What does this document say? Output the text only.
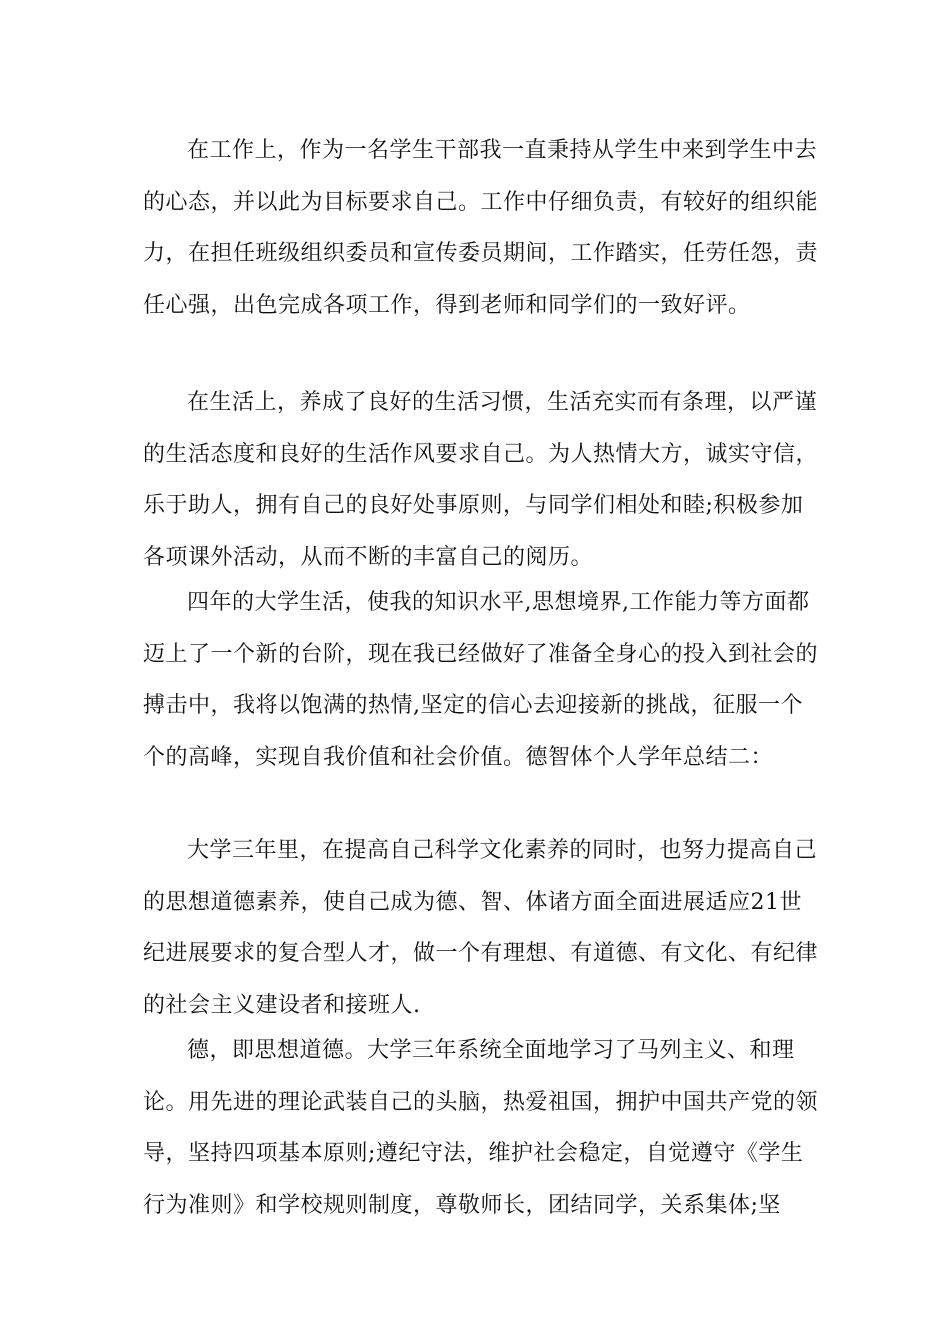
在工作上，作为一名学生干部我一直秉持从学生中来到学生中去的心态，并以此为目标要求自己。工作中仔细负责，有较好的组织能力，在担任班级组织委员和宣传委员期间，工作踏实，任劳任怨，责任心强，出色完成各项工作，得到老师和同学们的一致好评。

在生活上，养成了良好的生活习惯，生活充实而有条理，以严谨的生活态度和良好的生活作风要求自己。为人热情大方，诚实守信，乐于助人，拥有自己的良好处事原则，与同学们相处和睦;积极参加各项课外活动，从而不断的丰富自己的阅历。

四年的大学生活，使我的知识水平,思想境界,工作能力等方面都迈上了一个新的台阶，现在我已经做好了准备全身心的投入到社会的搏击中，我将以饱满的热情,坚定的信心去迎接新的挑战，征服一个个的高峰，实现自我价值和社会价值。德智体个人学年总结二：

大学三年里，在提高自己科学文化素养的同时，也努力提高自己的思想道德素养，使自己成为德、智、体诸方面全面进展适应21世纪进展要求的复合型人才，做一个有理想、有道德、有文化、有纪律的社会主义建设者和接班人.

德，即思想道德。大学三年系统全面地学习了马列主义、和理论。用先进的理论武装自己的头脑，热爱祖国，拥护中国共产党的领导，坚持四项基本原则;遵纪守法，维护社会稳定，自觉遵守《学生行为准则》和学校规则制度，尊敬师长，团结同学，关系集体;坚
